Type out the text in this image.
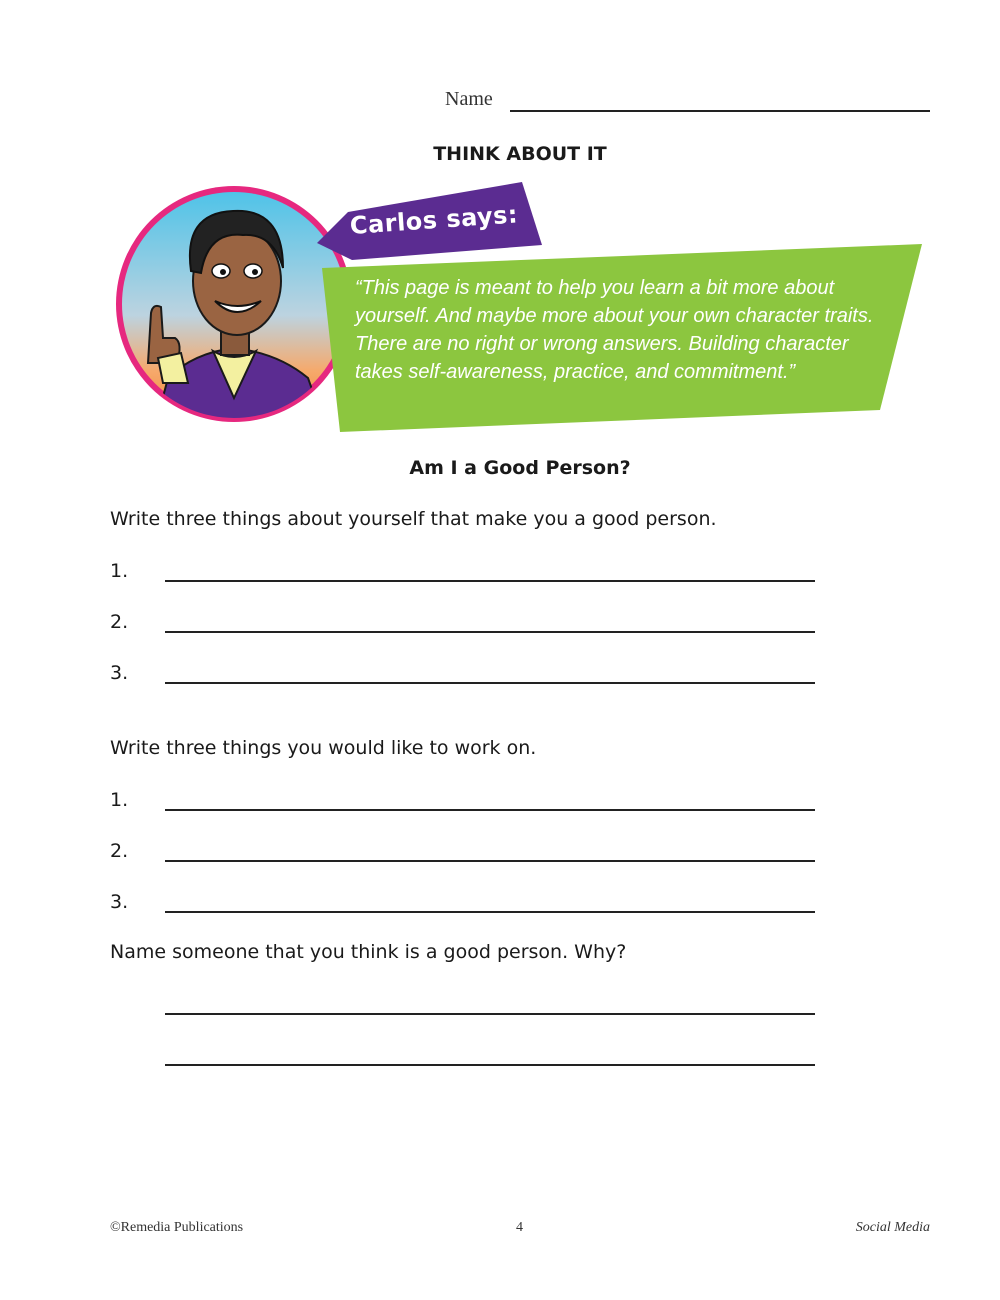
Name
THINK ABOUT IT
Carlos says:
“This page is meant to help you learn a bit more about yourself. And maybe more about your own character traits. There are no right or wrong answers. Building character takes self-awareness, practice, and commitment.”
Am I a Good Person?
Write three things about yourself that make you a good person.
1.
2.
3.
Write three things you would like to work on.
1.
2.
3.
Name someone that you think is a good person. Why?
©Remedia Publications	4	Social Media
